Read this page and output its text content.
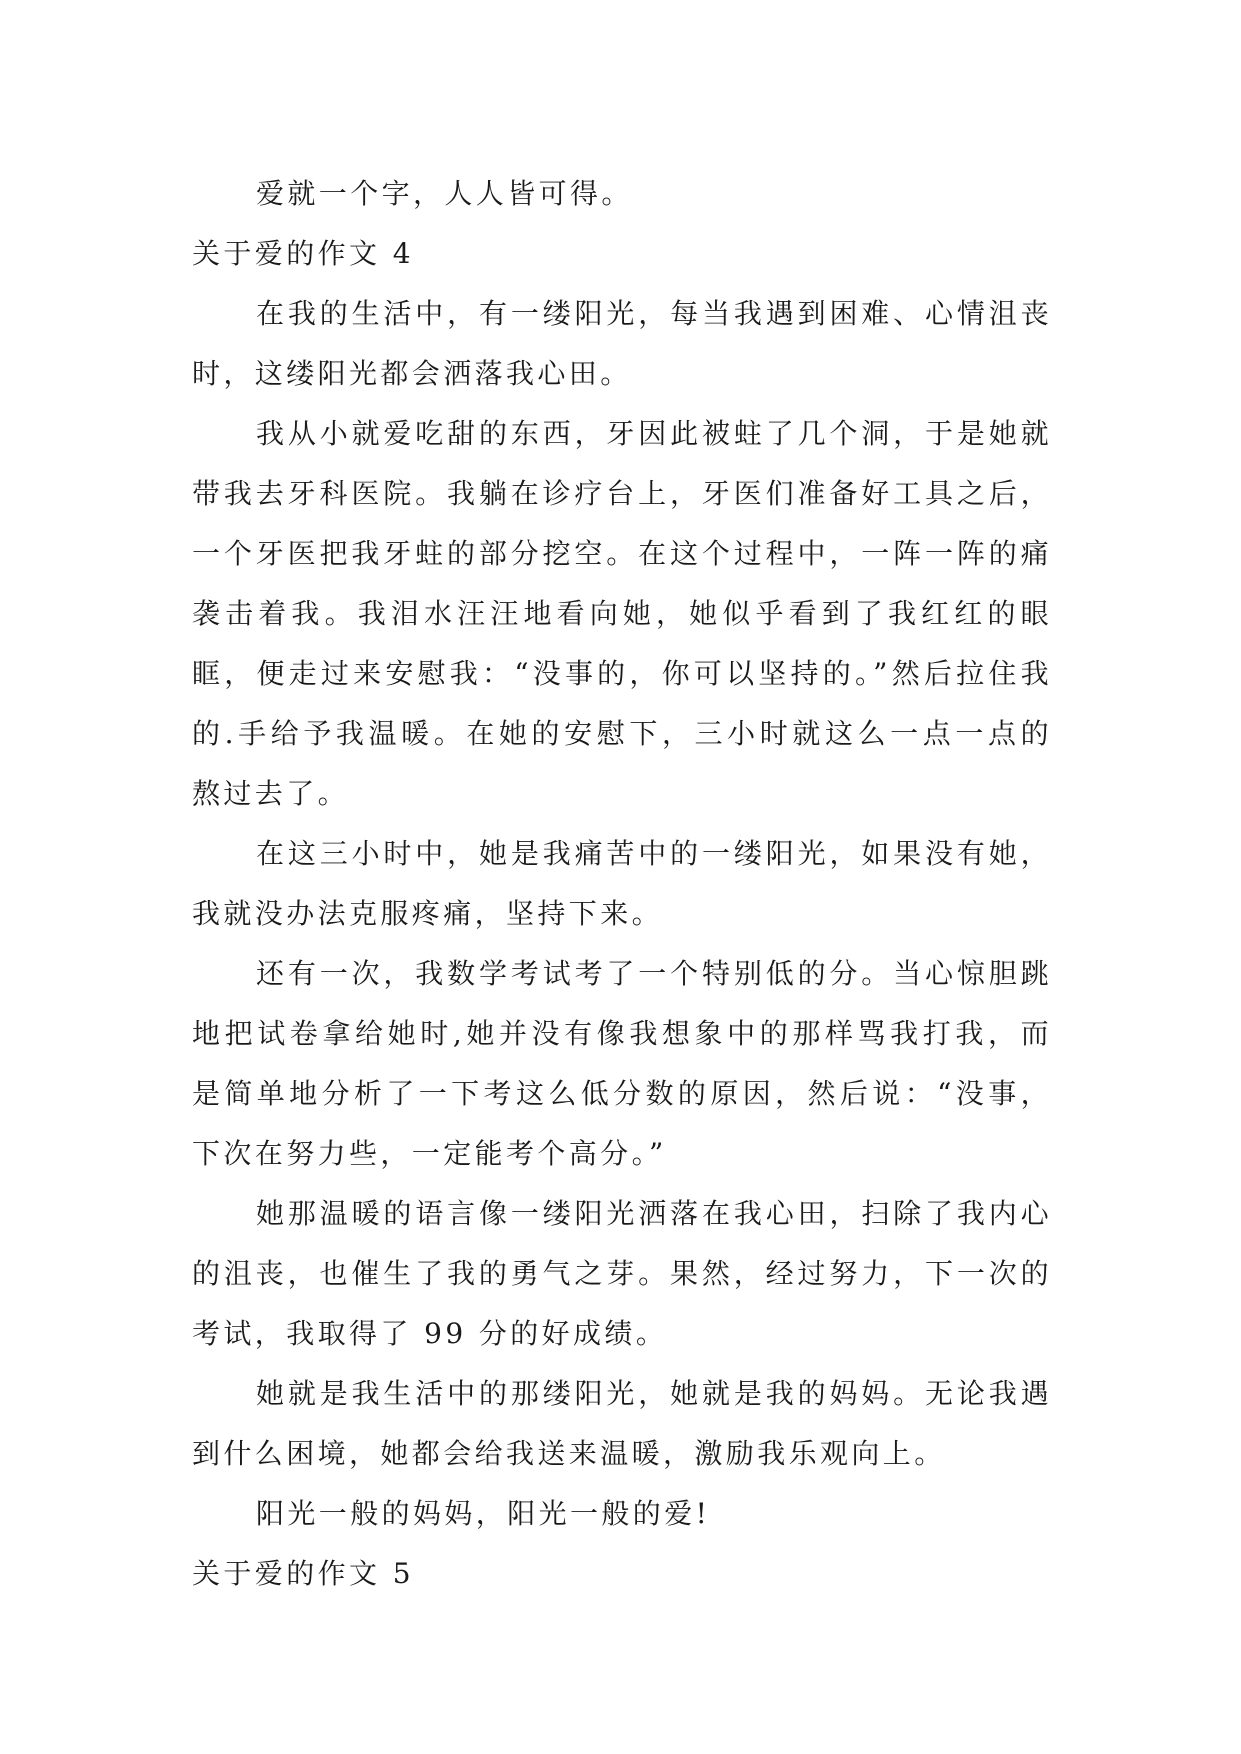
爱就一个字，人人皆可得。

关于爱的作文 4

在我的生活中，有一缕阳光，每当我遇到困难、心情沮丧时，这缕阳光都会洒落我心田。

我从小就爱吃甜的东西，牙因此被蛀了几个洞，于是她就带我去牙科医院。我躺在诊疗台上，牙医们准备好工具之后，一个牙医把我牙蛀的部分挖空。在这个过程中，一阵一阵的痛袭击着我。我泪水汪汪地看向她，她似乎看到了我红红的眼眶，便走过来安慰我：“没事的，你可以坚持的。”然后拉住我的.手给予我温暖。在她的安慰下，三小时就这么一点一点的熬过去了。

在这三小时中，她是我痛苦中的一缕阳光，如果没有她，我就没办法克服疼痛，坚持下来。

还有一次，我数学考试考了一个特别低的分。当心惊胆跳地把试卷拿给她时,她并没有像我想象中的那样骂我打我，而是简单地分析了一下考这么低分数的原因，然后说：“没事，下次在努力些，一定能考个高分。”

她那温暖的语言像一缕阳光洒落在我心田，扫除了我内心的沮丧，也催生了我的勇气之芽。果然，经过努力，下一次的考试，我取得了 99 分的好成绩。

她就是我生活中的那缕阳光，她就是我的妈妈。无论我遇到什么困境，她都会给我送来温暖，激励我乐观向上。

阳光一般的妈妈，阳光一般的爱!

关于爱的作文 5
